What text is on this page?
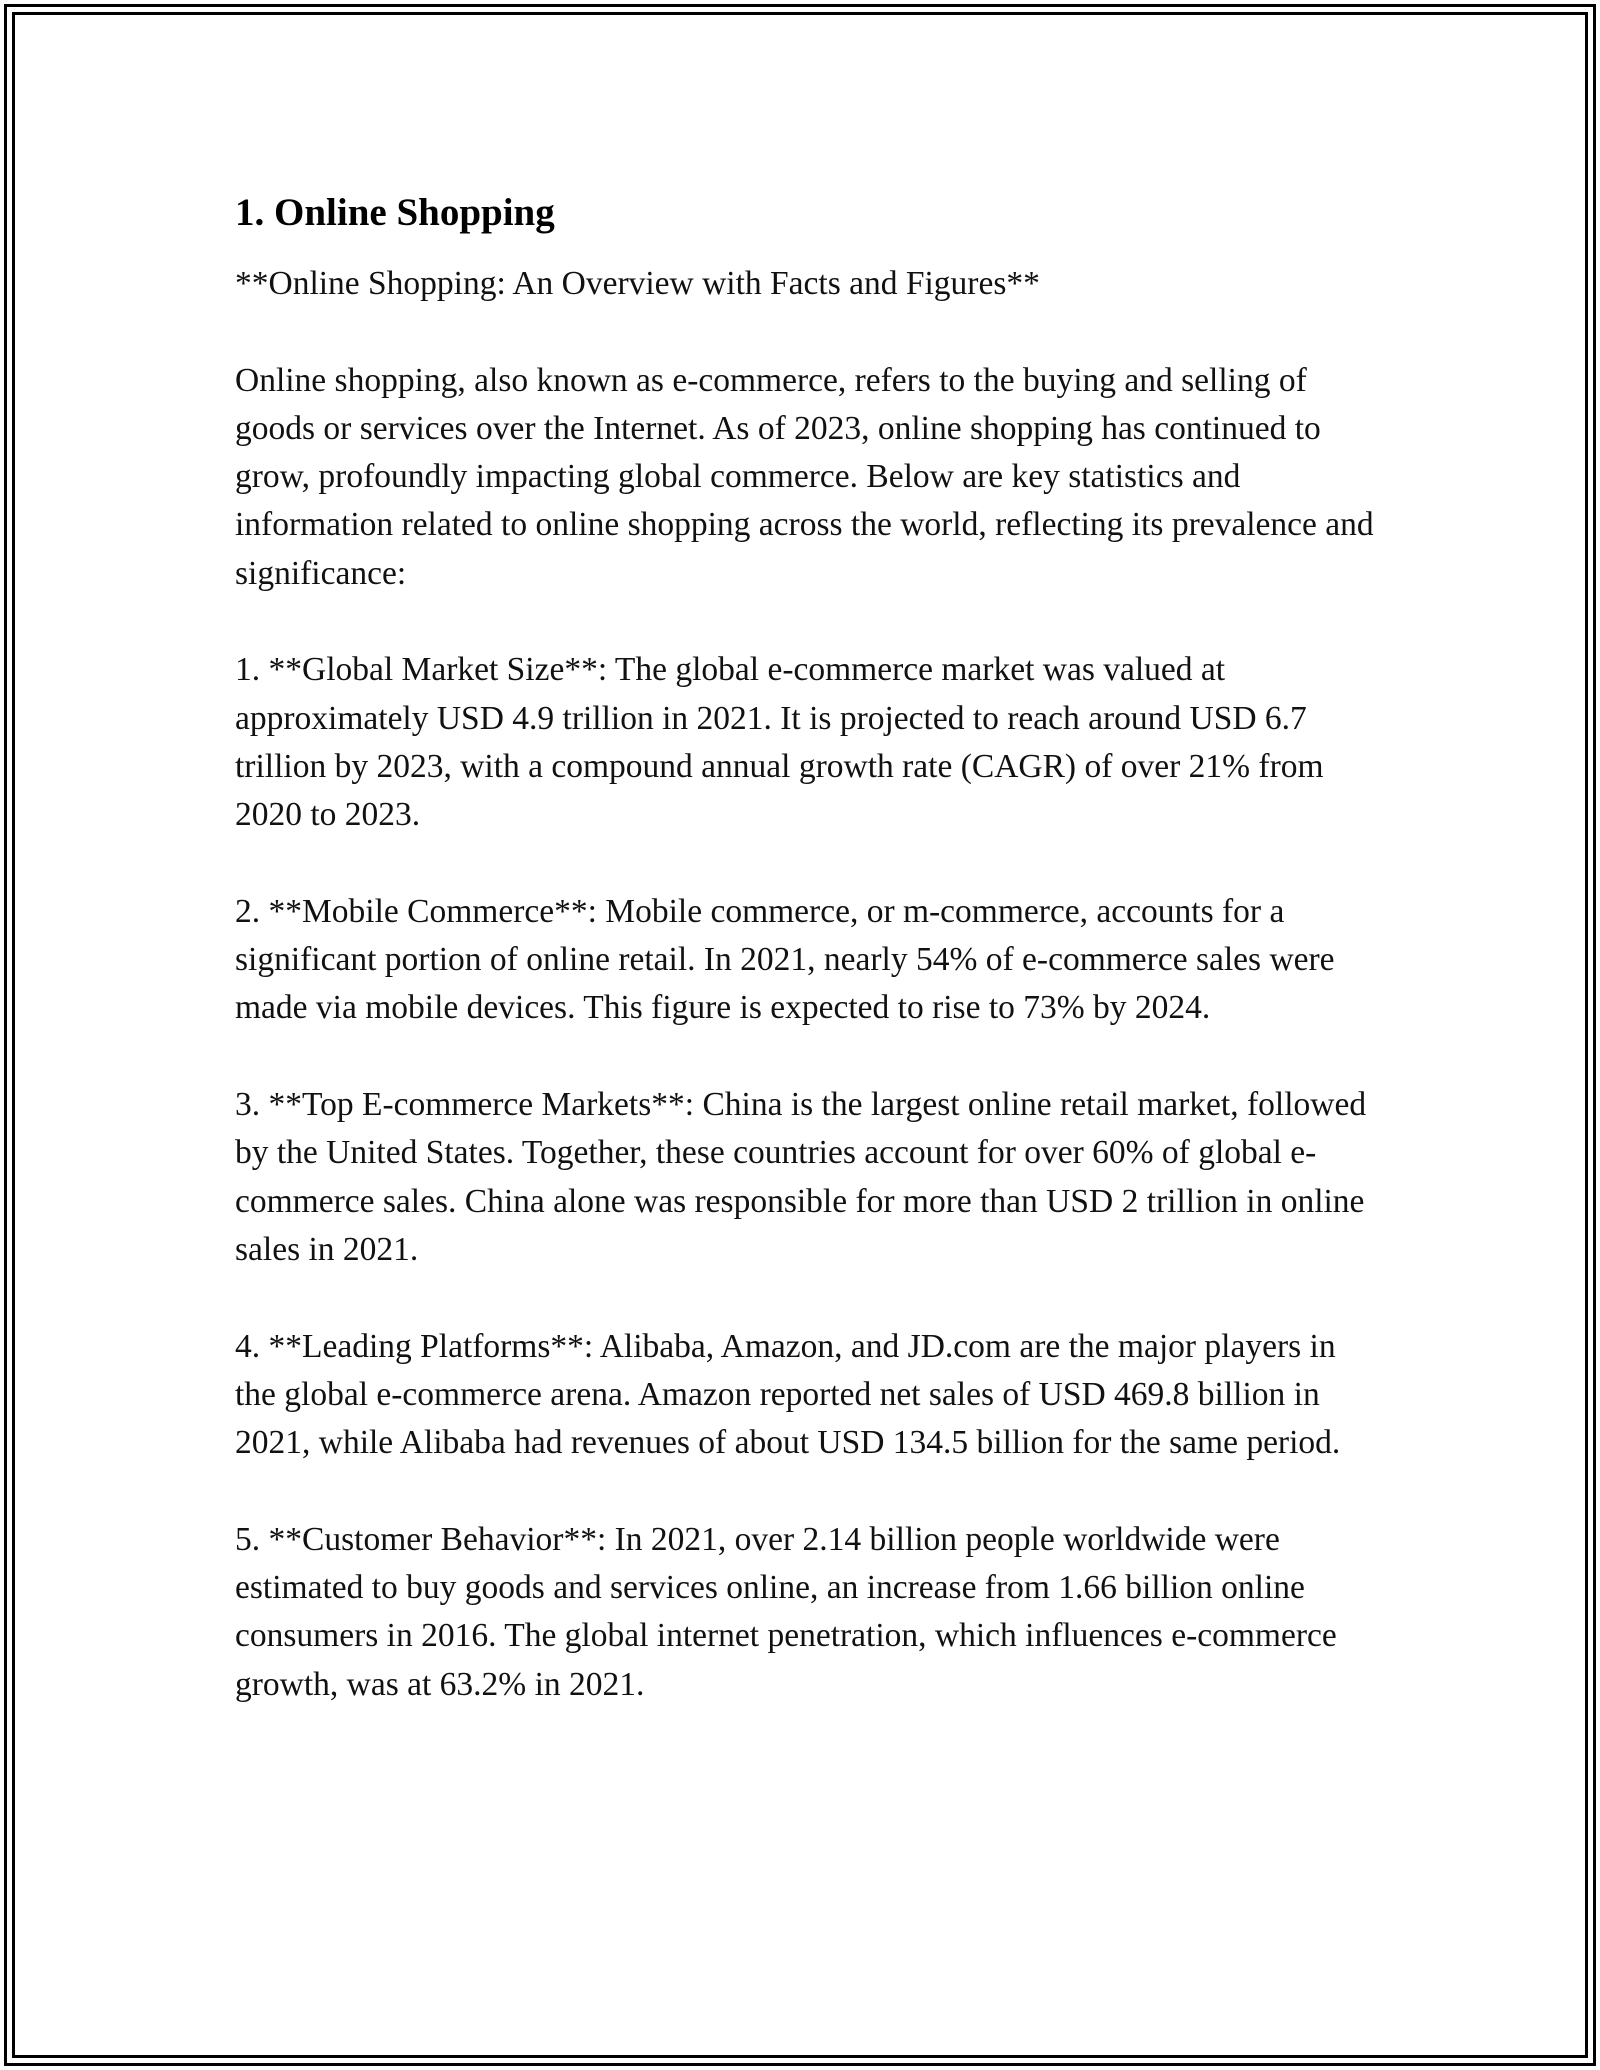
1. Online Shopping

**Online Shopping: An Overview with Facts and Figures**

Online shopping, also known as e-commerce, refers to the buying and selling of goods or services over the Internet. As of 2023, online shopping has continued to grow, profoundly impacting global commerce. Below are key statistics and information related to online shopping across the world, reflecting its prevalence and significance:

1. **Global Market Size**: The global e-commerce market was valued at approximately USD 4.9 trillion in 2021. It is projected to reach around USD 6.7 trillion by 2023, with a compound annual growth rate (CAGR) of over 21% from 2020 to 2023.

2. **Mobile Commerce**: Mobile commerce, or m-commerce, accounts for a significant portion of online retail. In 2021, nearly 54% of e-commerce sales were made via mobile devices. This figure is expected to rise to 73% by 2024.

3. **Top E-commerce Markets**: China is the largest online retail market, followed by the United States. Together, these countries account for over 60% of global e-commerce sales. China alone was responsible for more than USD 2 trillion in online sales in 2021.

4. **Leading Platforms**: Alibaba, Amazon, and JD.com are the major players in the global e-commerce arena. Amazon reported net sales of USD 469.8 billion in 2021, while Alibaba had revenues of about USD 134.5 billion for the same period.

5. **Customer Behavior**: In 2021, over 2.14 billion people worldwide were estimated to buy goods and services online, an increase from 1.66 billion online consumers in 2016. The global internet penetration, which influences e-commerce growth, was at 63.2% in 2021.
